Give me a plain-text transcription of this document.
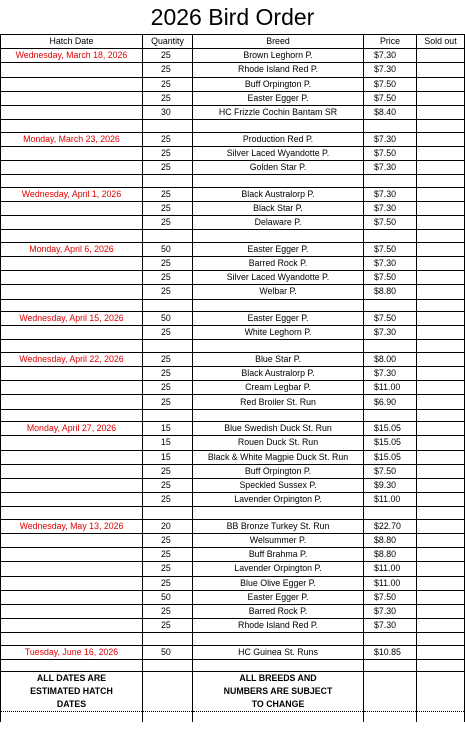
2026 Bird Order
Hatch Date	Quantity	Breed	Price	Sold out
Wednesday, March 18, 2026	25	Brown Leghorn P.	$7.30	
	25	Rhode Island Red P.	$7.30	
	25	Buff Orpington P.	$7.50	
	25	Easter Egger P.	$7.50	
	30	HC Frizzle Cochin Bantam SR	$8.40	

Monday, March 23, 2026	25	Production Red P.	$7.30	
	25	Silver Laced Wyandotte P.	$7.50	
	25	Golden Star P.	$7.30	

Wednesday, April 1, 2026	25	Black Australorp P.	$7.30	
	25	Black Star P.	$7.30	
	25	Delaware P.	$7.50	

Monday, April 6, 2026	50	Easter Egger P.	$7.50	
	25	Barred Rock P.	$7.30	
	25	Silver Laced Wyandotte P.	$7.50	
	25	Welbar P.	$8.80	

Wednesday, April 15, 2026	50	Easter Egger P.	$7.50	
	25	White Leghorn P.	$7.30	

Wednesday, April 22, 2026	25	Blue Star P.	$8.00	
	25	Black Australorp P.	$7.30	
	25	Cream Legbar P.	$11.00	
	25	Red Broiler St. Run	$6.90	

Monday, April 27, 2026	15	Blue Swedish Duck St. Run	$15.05	
	15	Rouen Duck St. Run	$15.05	
	15	Black & White Magpie Duck St. Run	$15.05	
	25	Buff Orpington P.	$7.50	
	25	Speckled Sussex P.	$9.30	
	25	Lavender Orpington P.	$11.00	

Wednesday, May 13, 2026	20	BB Bronze Turkey St. Run	$22.70	
	25	Welsummer P.	$8.80	
	25	Buff Brahma P.	$8.80	
	25	Lavender Orpington P.	$11.00	
	25	Blue Olive Egger P.	$11.00	
	50	Easter Egger P.	$7.50	
	25	Barred Rock P.	$7.30	
	25	Rhode Island Red P.	$7.30	

Tuesday, June 16, 2026	50	HC Guinea St. Runs	$10.85	

ALL DATES ARE		ALL BREEDS AND		
ESTIMATED HATCH		NUMBERS ARE SUBJECT		
DATES		TO CHANGE		
